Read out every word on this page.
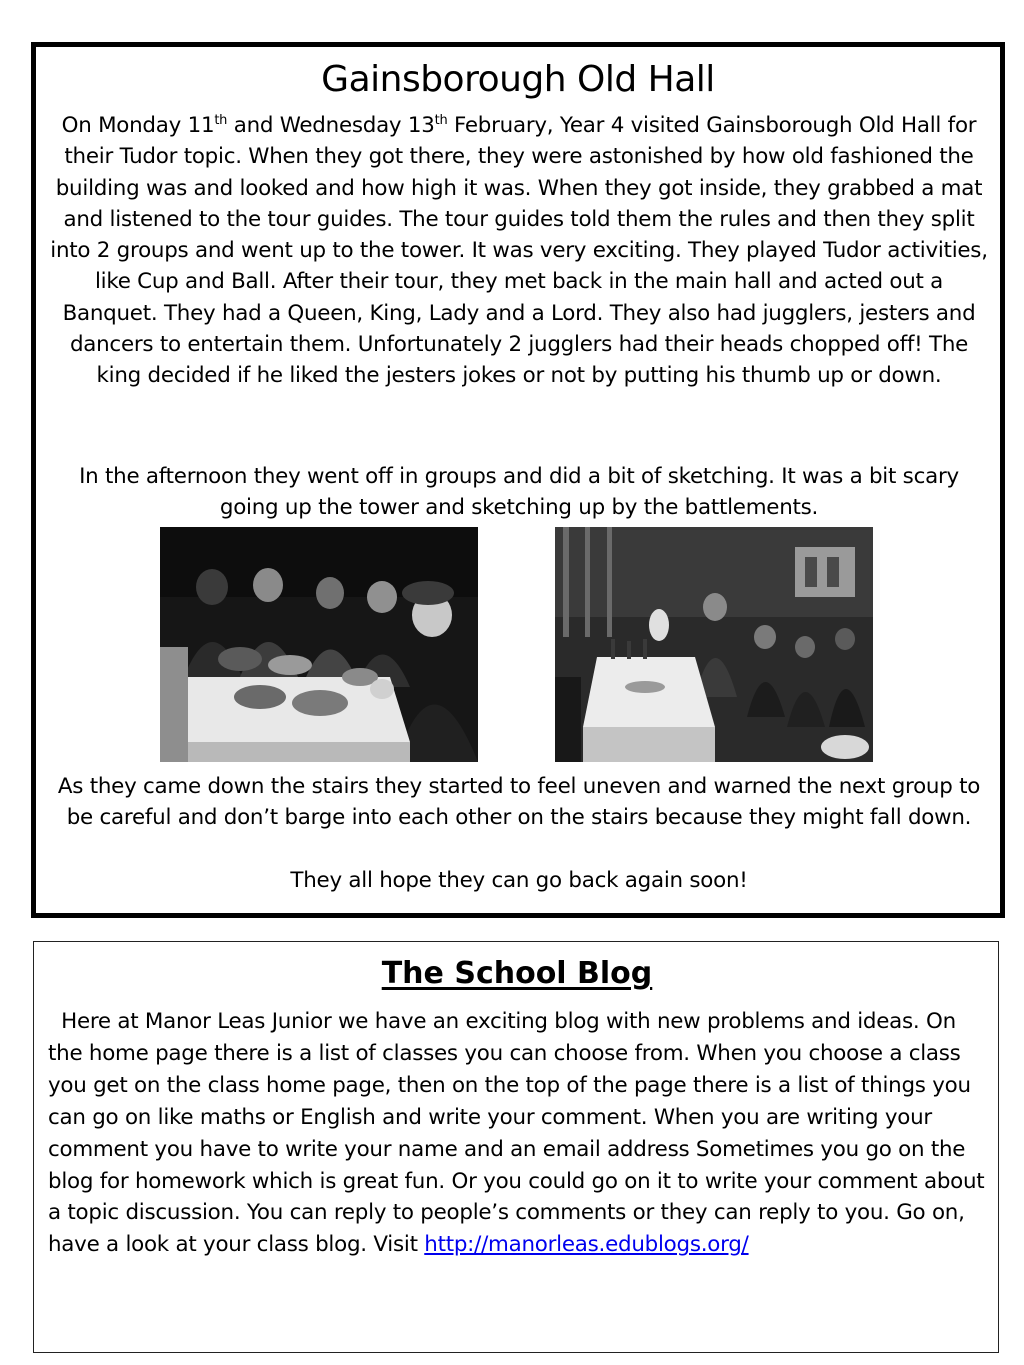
Gainsborough Old Hall

On Monday 11th and Wednesday 13th February, Year 4 visited Gainsborough Old Hall for their Tudor topic. When they got there, they were astonished by how old fashioned the building was and looked and how high it was. When they got inside, they grabbed a mat and listened to the tour guides. The tour guides told them the rules and then they split into 2 groups and went up to the tower. It was very exciting. They played Tudor activities, like Cup and Ball. After their tour, they met back in the main hall and acted out a Banquet. They had a Queen, King, Lady and a Lord. They also had jugglers, jesters and dancers to entertain them. Unfortunately 2 jugglers had their heads chopped off! The king decided if he liked the jesters jokes or not by putting his thumb up or down.

In the afternoon they went off in groups and did a bit of sketching. It was a bit scary going up the tower and sketching up by the battlements.

As they came down the stairs they started to feel uneven and warned the next group to be careful and don’t barge into each other on the stairs because they might fall down.

They all hope they can go back again soon!

The School Blog

Here at Manor Leas Junior we have an exciting blog with new problems and ideas. On the home page there is a list of classes you can choose from. When you choose a class you get on the class home page, then on the top of the page there is a list of things you can go on like maths or English and write your comment. When you are writing your comment you have to write your name and an email address Sometimes you go on the blog for homework which is great fun. Or you could go on it to write your comment about a topic discussion. You can reply to people’s comments or they can reply to you. Go on, have a look at your class blog. Visit http://manorleas.edublogs.org/
